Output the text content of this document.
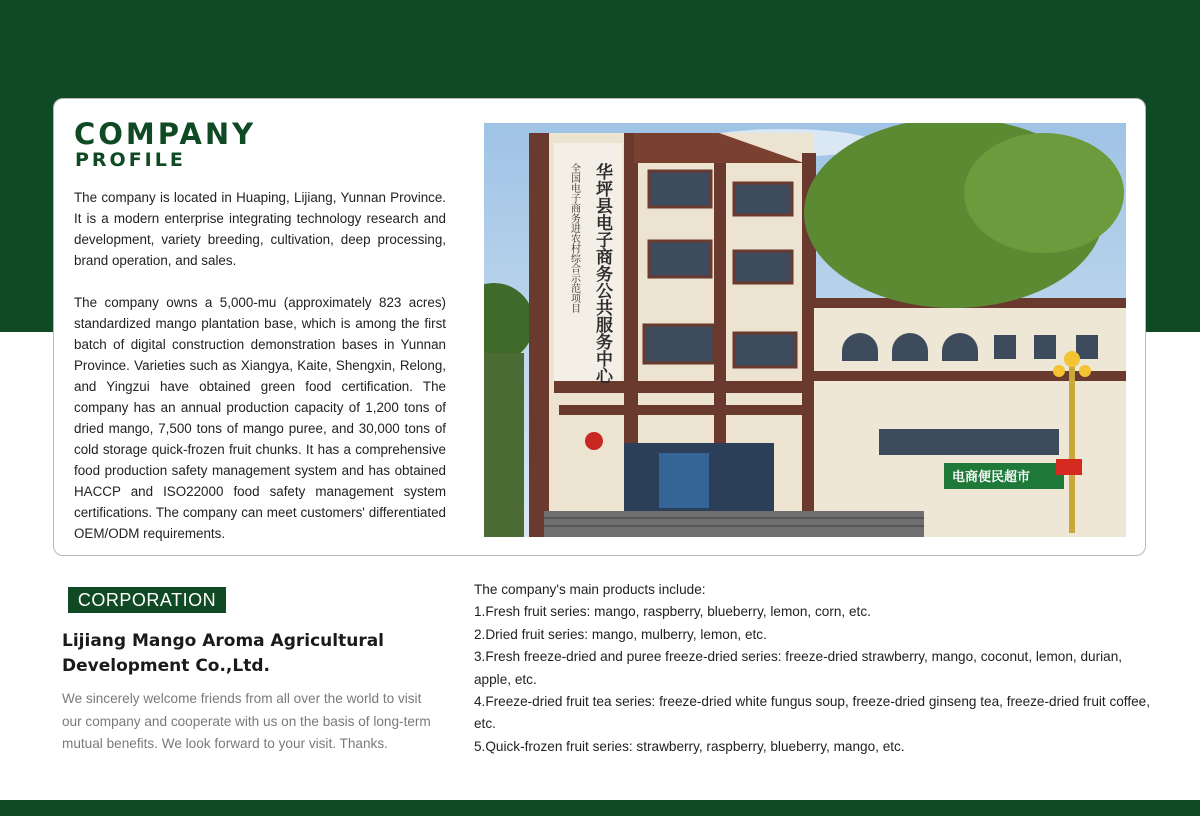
COMPANY
PROFILE

The company is located in Huaping, Lijiang, Yunnan Province. It is a modern enterprise integrating technology research and development, variety breeding, cultivation, deep processing, brand operation, and sales.

The company owns a 5,000-mu (approximately 823 acres) standardized mango plantation base, which is among the first batch of digital construction demonstration bases in Yunnan Province. Varieties such as Xiangya, Kaite, Shengxin, Relong, and Yingzui have obtained green food certification. The company has an annual production capacity of 1,200 tons of dried mango, 7,500 tons of mango puree, and 30,000 tons of cold storage quick-frozen fruit chunks. It has a comprehensive food production safety management system and has obtained HACCP and ISO22000 food safety management system certifications. The company can meet customers' differentiated OEM/ODM requirements.

华坪县电子商务公共服务中心
全国电子商务进农村综合示范项目
电商便民超市
CORPORATION
Lijiang Mango Aroma Agricultural Development Co.,Ltd.
We sincerely welcome friends from all over the world to visit our company and cooperate with us on the basis of long-term mutual benefits. We look forward to your visit. Thanks.
The company's main products include:
1.Fresh fruit series: mango, raspberry, blueberry, lemon, corn, etc.
2.Dried fruit series: mango, mulberry, lemon, etc.
3.Fresh freeze-dried and puree freeze-dried series: freeze-dried strawberry, mango, coconut, lemon, durian, apple, etc.
4.Freeze-dried fruit tea series: freeze-dried white fungus soup, freeze-dried ginseng tea, freeze-dried fruit coffee, etc.
5.Quick-frozen fruit series: strawberry, raspberry, blueberry, mango, etc.
